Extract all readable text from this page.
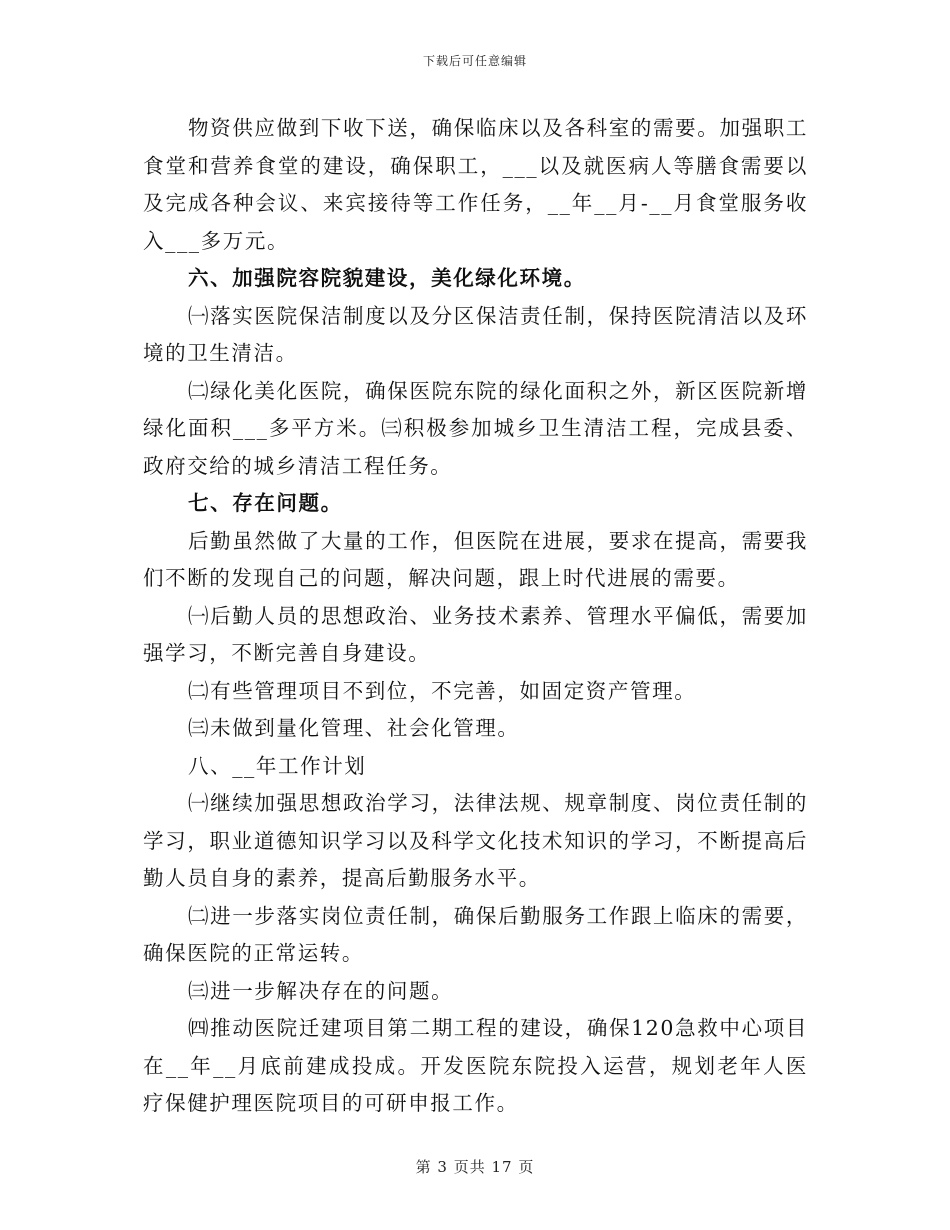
下载后可任意编辑

物资供应做到下收下送，确保临床以及各科室的需要。加强职工食堂和营养食堂的建设，确保职工，___以及就医病人等膳食需要以及完成各种会议、来宾接待等工作任务，__年__月-__月食堂服务收入___多万元。

六、加强院容院貌建设，美化绿化环境。

㈠落实医院保洁制度以及分区保洁责任制，保持医院清洁以及环境的卫生清洁。

㈡绿化美化医院，确保医院东院的绿化面积之外，新区医院新增绿化面积___多平方米。㈢积极参加城乡卫生清洁工程，完成县委、政府交给的城乡清洁工程任务。

七、存在问题。

后勤虽然做了大量的工作，但医院在进展，要求在提高，需要我们不断的发现自己的问题，解决问题，跟上时代进展的需要。

㈠后勤人员的思想政治、业务技术素养、管理水平偏低，需要加强学习，不断完善自身建设。

㈡有些管理项目不到位，不完善，如固定资产管理。

㈢未做到量化管理、社会化管理。

八、__年工作计划

㈠继续加强思想政治学习，法律法规、规章制度、岗位责任制的学习，职业道德知识学习以及科学文化技术知识的学习，不断提高后勤人员自身的素养，提高后勤服务水平。

㈡进一步落实岗位责任制，确保后勤服务工作跟上临床的需要，确保医院的正常运转。

㈢进一步解决存在的问题。

㈣推动医院迁建项目第二期工程的建设，确保120急救中心项目在__年__月底前建成投成。开发医院东院投入运营，规划老年人医疗保健护理医院项目的可研申报工作。

第 3 页共 17 页
